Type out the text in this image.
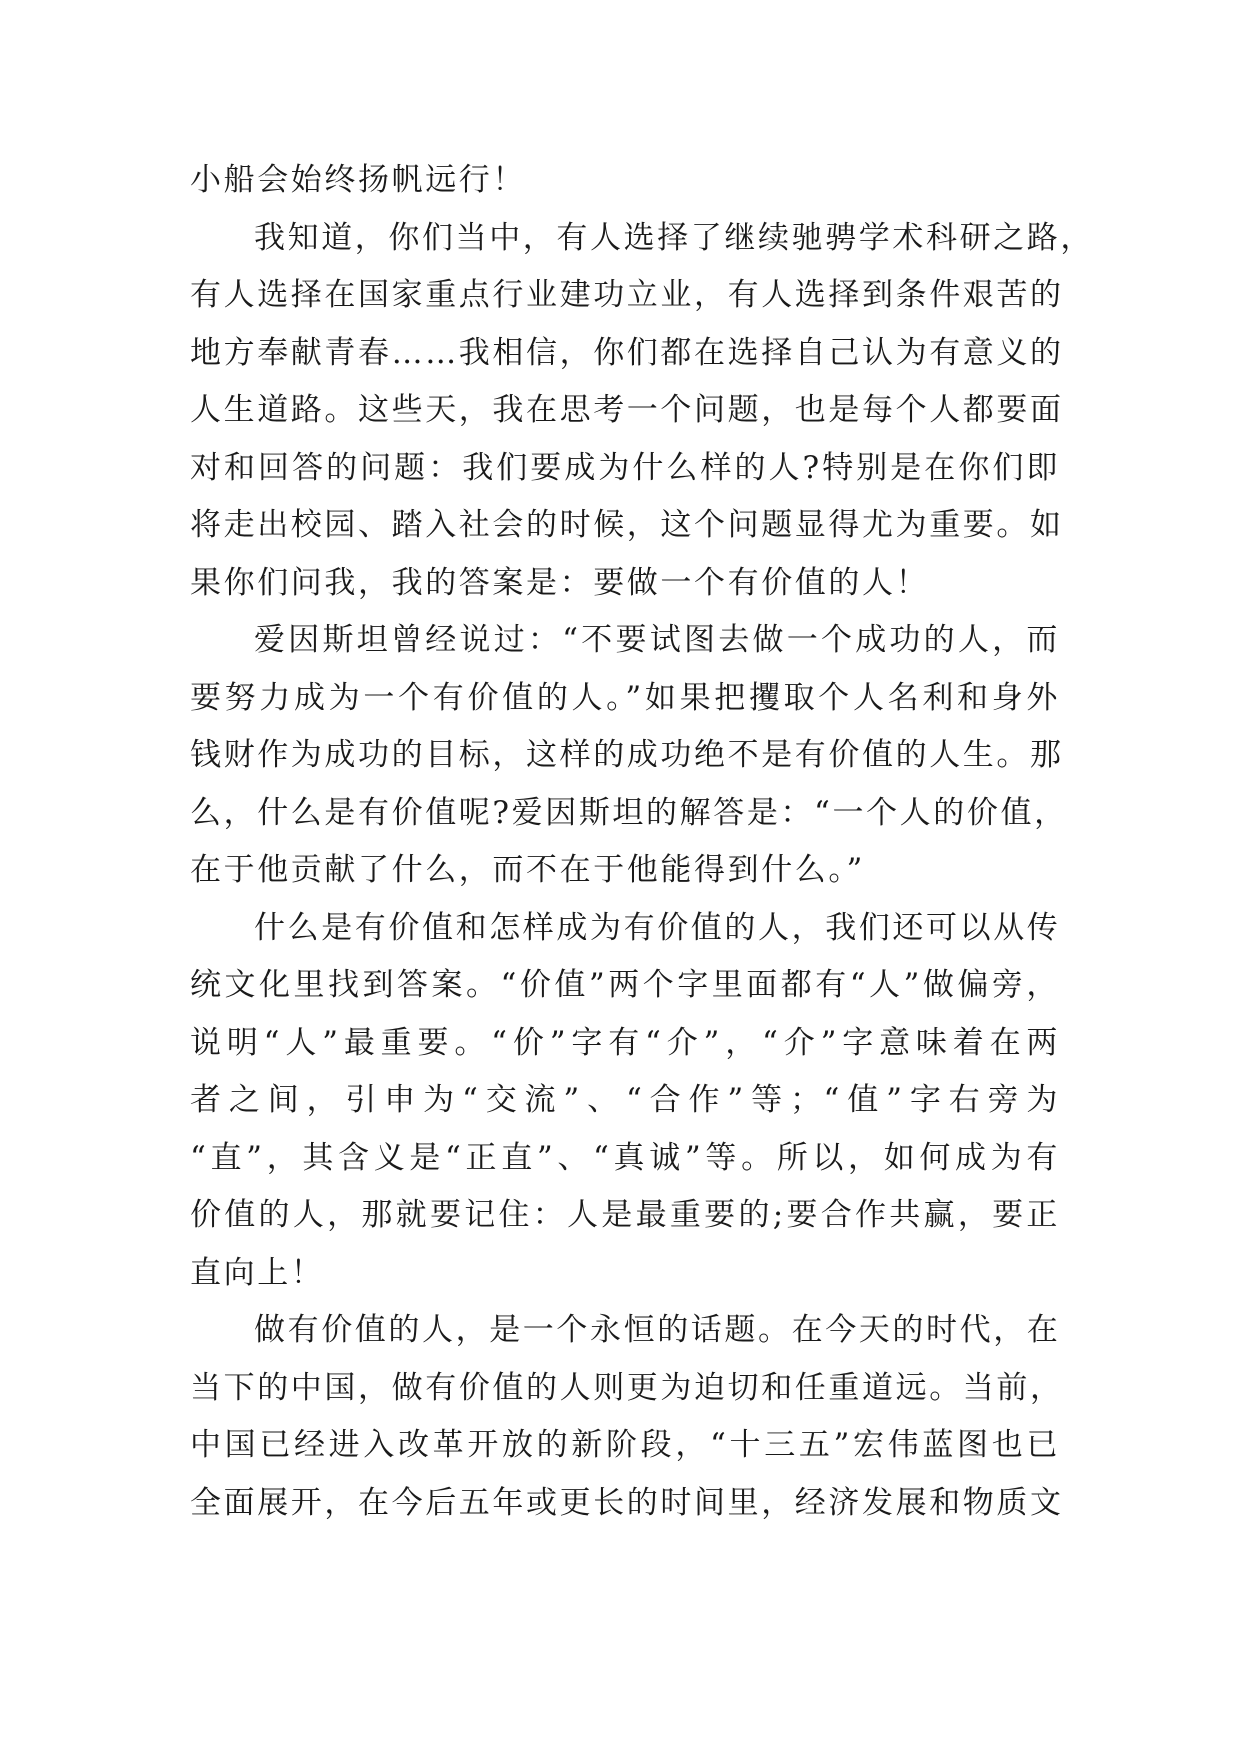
小船会始终扬帆远行！
我知道，你们当中，有人选择了继续驰骋学术科研之路，
有人选择在国家重点行业建功立业，有人选择到条件艰苦的
地方奉献青春……我相信，你们都在选择自己认为有意义的
人生道路。这些天，我在思考一个问题，也是每个人都要面
对和回答的问题：我们要成为什么样的人?特别是在你们即
将走出校园、踏入社会的时候，这个问题显得尤为重要。如
果你们问我，我的答案是：要做一个有价值的人！
爱因斯坦曾经说过：“不要试图去做一个成功的人，而
要努力成为一个有价值的人。”如果把攫取个人名利和身外
钱财作为成功的目标，这样的成功绝不是有价值的人生。那
么，什么是有价值呢?爱因斯坦的解答是：“一个人的价值，
在于他贡献了什么，而不在于他能得到什么。”
什么是有价值和怎样成为有价值的人，我们还可以从传
统文化里找到答案。“价值”两个字里面都有“人”做偏旁，
说明“人”最重要。“价”字有“介”，“介”字意味着在两
者之间，引申为“交流”、“合作”等；“值”字右旁为
“直”，其含义是“正直”、“真诚”等。所以，如何成为有
价值的人，那就要记住：人是最重要的;要合作共赢，要正
直向上！
做有价值的人，是一个永恒的话题。在今天的时代，在
当下的中国，做有价值的人则更为迫切和任重道远。当前，
中国已经进入改革开放的新阶段，“十三五”宏伟蓝图也已
全面展开，在今后五年或更长的时间里，经济发展和物质文
